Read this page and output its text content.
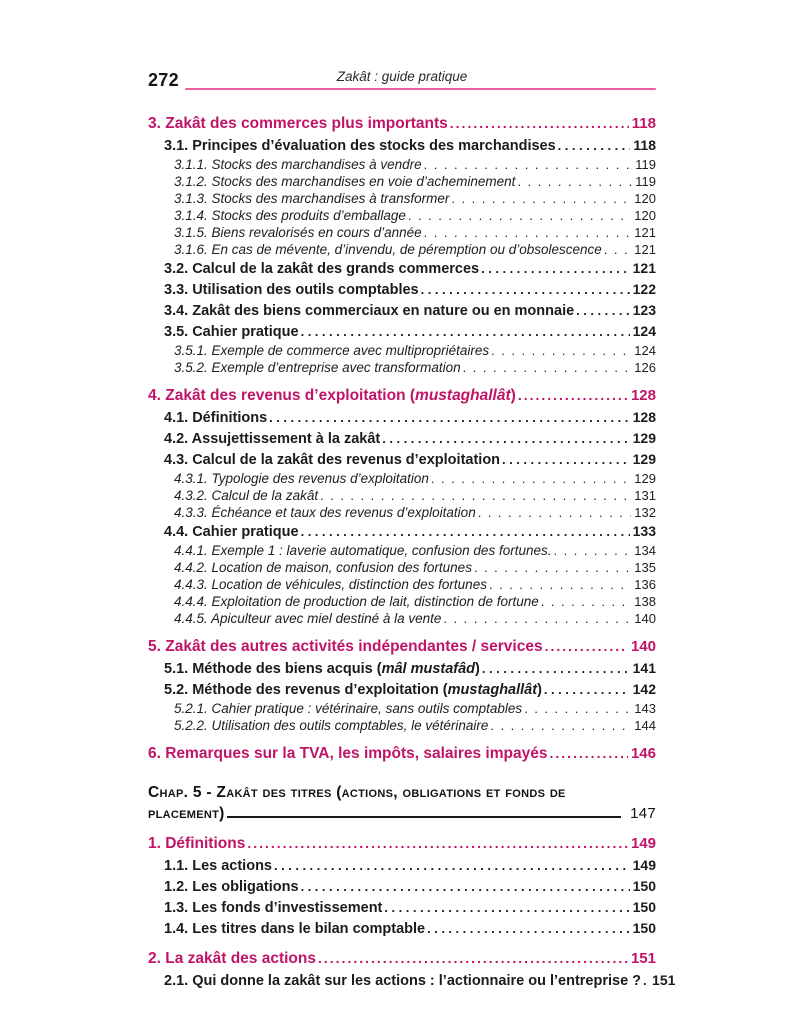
272	Zakât : guide pratique
3. Zakât des commerces plus importants .....	118
3.1. Principes d’évaluation des stocks des marchandises .....	118
3.1.1. Stocks des marchandises à vendre .....	119
3.1.2. Stocks des marchandises en voie d’acheminement .....	119
3.1.3. Stocks des marchandises à transformer .....	120
3.1.4. Stocks des produits d’emballage .....	120
3.1.5. Biens revalorisés en cours d’année .....	121
3.1.6. En cas de mévente, d’invendu, de péremption ou d’obsolescence .....	121
3.2. Calcul de la zakât des grands commerces .....	121
3.3. Utilisation des outils comptables .....	122
3.4. Zakât des biens commerciaux en nature ou en monnaie .....	123
3.5. Cahier pratique .....	124
3.5.1. Exemple de commerce avec multipropriétaires .....	124
3.5.2. Exemple d’entreprise avec transformation .....	126
4. Zakât des revenus d’exploitation (mustaghallât) .....	128
4.1. Définitions .....	128
4.2. Assujettissement à la zakât .....	129
4.3. Calcul de la zakât des revenus d’exploitation .....	129
4.3.1. Typologie des revenus d’exploitation .....	129
4.3.2. Calcul de la zakât .....	131
4.3.3. Échéance et taux des revenus d’exploitation .....	132
4.4. Cahier pratique .....	133
4.4.1. Exemple 1 : laverie automatique, confusion des fortunes. .....	134
4.4.2. Location de maison, confusion des fortunes .....	135
4.4.3. Location de véhicules, distinction des fortunes .....	136
4.4.4. Exploitation de production de lait, distinction de fortune .....	138
4.4.5. Apiculteur avec miel destiné à la vente .....	140
5. Zakât des autres activités indépendantes / services .....	140
5.1. Méthode des biens acquis (mâl mustafâd) .....	141
5.2. Méthode des revenus d’exploitation (mustaghallât) .....	142
5.2.1. Cahier pratique : vétérinaire, sans outils comptables .....	143
5.2.2. Utilisation des outils comptables, le vétérinaire .....	144
6. Remarques sur la TVA, les impôts, salaires impayés .....	146
Chap. 5 - Zakât des titres (actions, obligations et fonds de
placement)	147
1. Définitions .....	149
1.1. Les actions .....	149
1.2. Les obligations .....	150
1.3. Les fonds d’investissement .....	150
1.4. Les titres dans le bilan comptable .....	150
2. La zakât des actions .....	151
2.1. Qui donne la zakât sur les actions : l’actionnaire ou l’entreprise ? ..... 151
